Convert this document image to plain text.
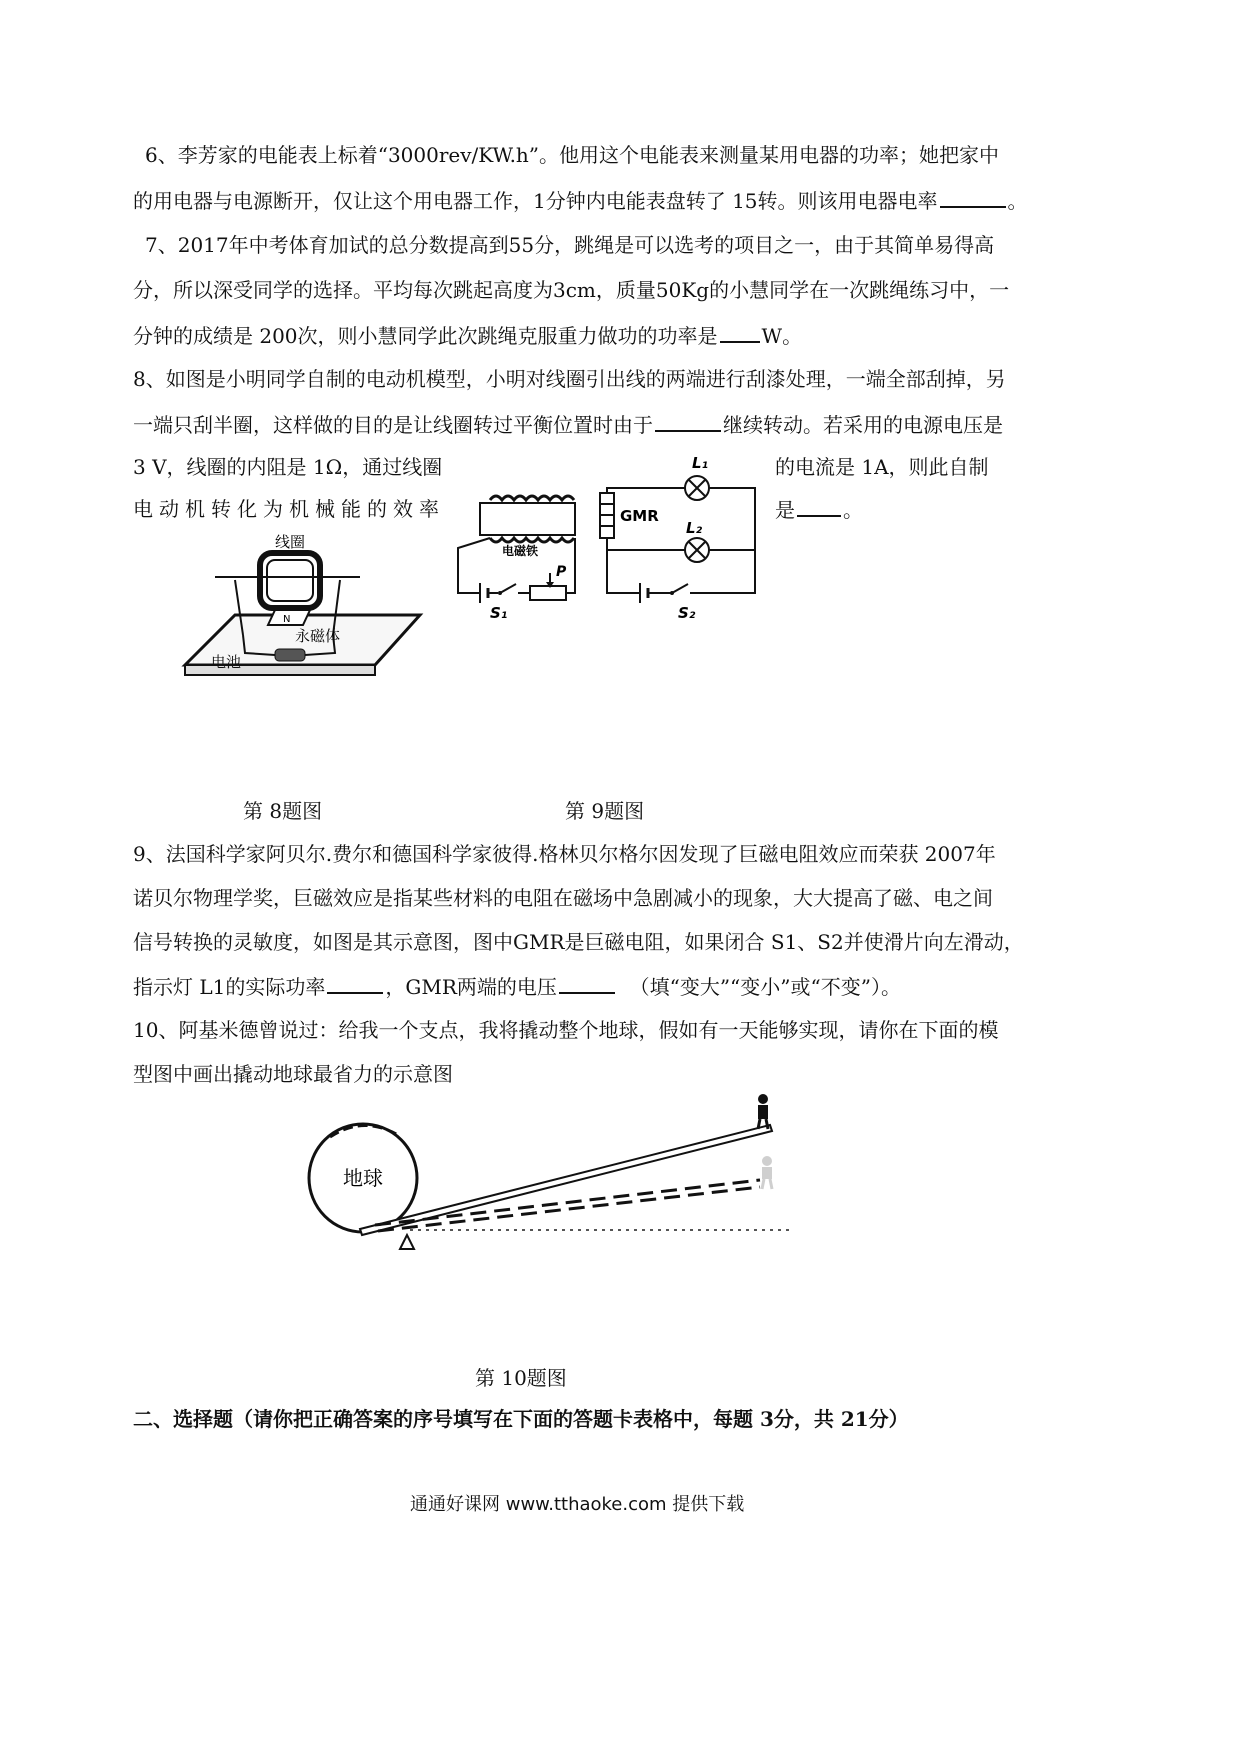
6、李芳家的电能表上标着“3000rev/KW.h”。他用这个电能表来测量某用电器的功率；她把家中
的用电器与电源断开，仅让这个用电器工作，1分钟内电能表盘转了 15转。则该用电器电率	。
7、2017年中考体育加试的总分数提高到55分，跳绳是可以选考的项目之一，由于其简单易得高
分，所以深受同学的选择。平均每次跳起高度为3cm，质量50Kg的小慧同学在一次跳绳练习中，一
分钟的成绩是 200次，则小慧同学此次跳绳克服重力做功的功率是 W。
8、如图是小明同学自制的电动机模型，小明对线圈引出线的两端进行刮漆处理，一端全部刮掉，另
一端只刮半圈，这样做的目的是让线圈转过平衡位置时由于	继续转动。若采用的电源电压是
3 V，线圈的内阻是 1Ω，通过线圈	的电流是 1A，则此自制
电动机转化为机械能的效率	是 。
N
线圈
永磁体
电池
电磁铁
P
S₁
GMR
L₁
L₂
S₂
第 8题图	第 9题图
9、法国科学家阿贝尔.费尔和德国科学家彼得.格林贝尔格尔因发现了巨磁电阻效应而荣获 2007年
诺贝尔物理学奖，巨磁效应是指某些材料的电阻在磁场中急剧减小的现象，大大提高了磁、电之间
信号转换的灵敏度，如图是其示意图，图中GMR是巨磁电阻，如果闭合 S1、S2并使滑片向左滑动，
指示灯 L1的实际功率	，GMR两端的电压	（填“变大”“变小”或“不变”）。
10、阿基米德曾说过：给我一个支点，我将撬动整个地球，假如有一天能够实现，请你在下面的模
型图中画出撬动地球最省力的示意图
地球
第 10题图
二、选择题（请你把正确答案的序号填写在下面的答题卡表格中，每题 3分，共 21分）
通通好课网 www.tthaoke.com 提供下载
